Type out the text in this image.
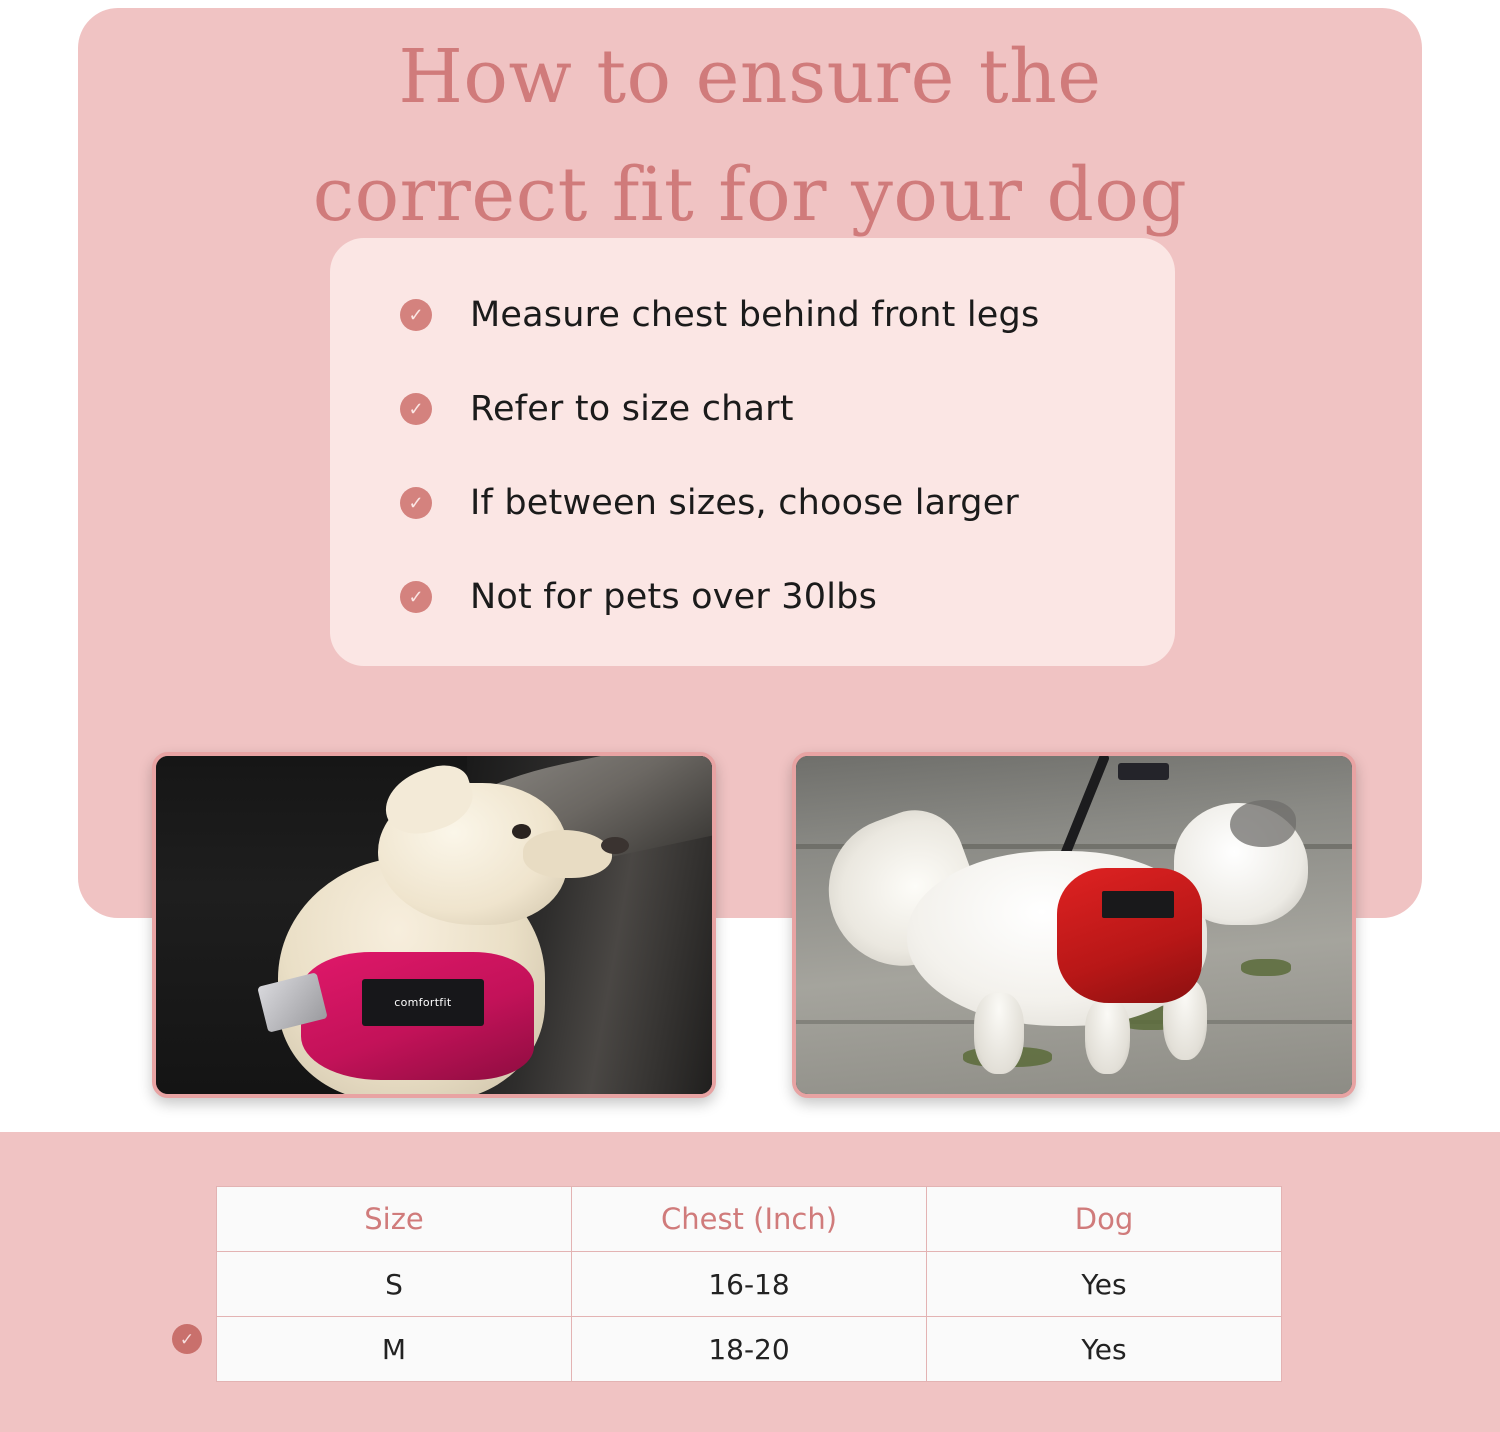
How to ensure the
correct fit for your dog
✓ Measure chest behind front legs
✓ Refer to size chart
✓ If between sizes, choose larger
✓ Not for pets over 30lbs
comfortfit
✓
Size	Chest (Inch)	Dog
S	16-18	Yes
M	18-20	Yes
